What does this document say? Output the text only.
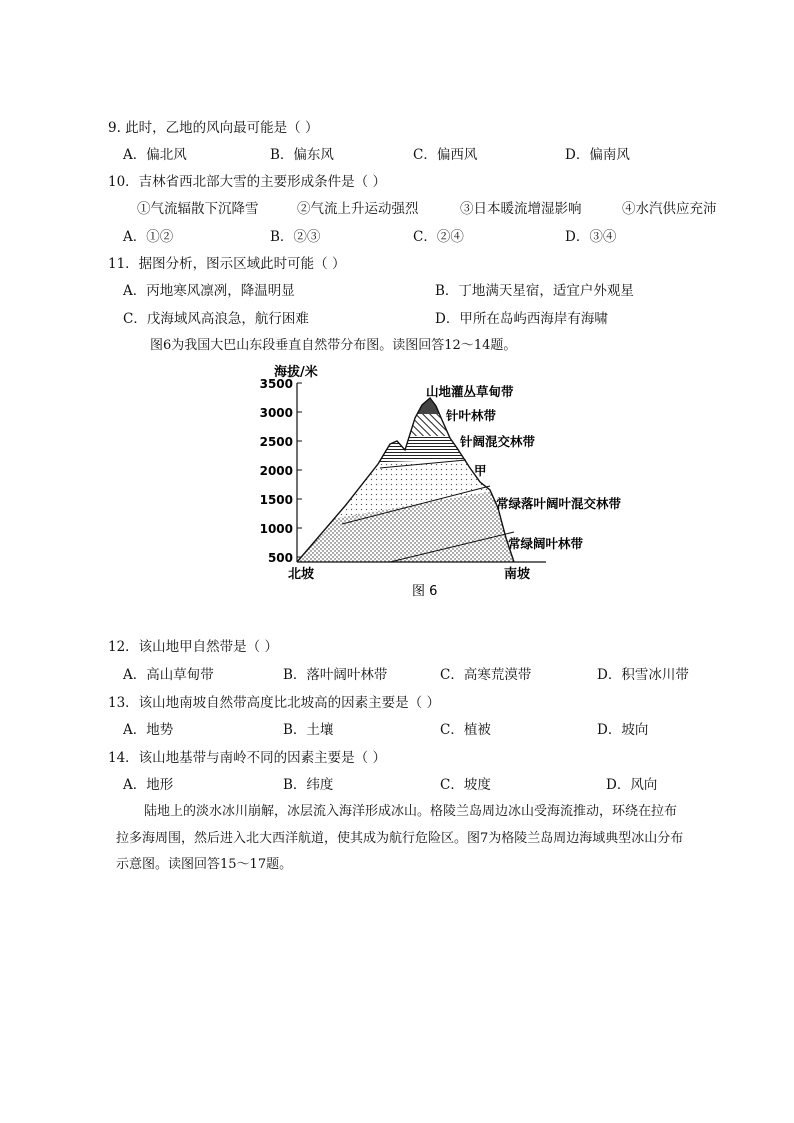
9. 此时，乙地的风向最可能是（ ）
A．偏北风	B．偏东风	C．偏西风	D．偏南风
10．吉林省西北部大雪的主要形成条件是（ ）
①气流辐散下沉降雪	②气流上升运动强烈	③日本暖流增湿影响	④水汽供应充沛
A．①②	B．②③	C．②④	D．③④
11．据图分析，图示区域此时可能（ ）
A．丙地寒风凛冽，降温明显	B．丁地满天星宿，适宜户外观星
C．戊海域风高浪急，航行困难	D．甲所在岛屿西海岸有海啸
图6为我国大巴山东段垂直自然带分布图。读图回答12～14题。
海拔/米
3500
3000
2500
2000
1500
1000
500
北坡	南坡
山地灌丛草甸带
针叶林带
针阔混交林带
甲
常绿落叶阔叶混交林带
常绿阔叶林带
图 6
12．该山地甲自然带是（ ）
A．高山草甸带	B．落叶阔叶林带	C．高寒荒漠带	D．积雪冰川带
13．该山地南坡自然带高度比北坡高的因素主要是（ ）
A．地势	B．土壤	C．植被	D．坡向
14．该山地基带与南岭不同的因素主要是（ ）
A．地形	B．纬度	C．坡度	D．风向

陆地上的淡水冰川崩解，冰层流入海洋形成冰山。格陵兰岛周边冰山受海流推动，环绕在拉布

拉多海周围，然后进入北大西洋航道，使其成为航行危险区。图7为格陵兰岛周边海域典型冰山分布

示意图。读图回答15～17题。
